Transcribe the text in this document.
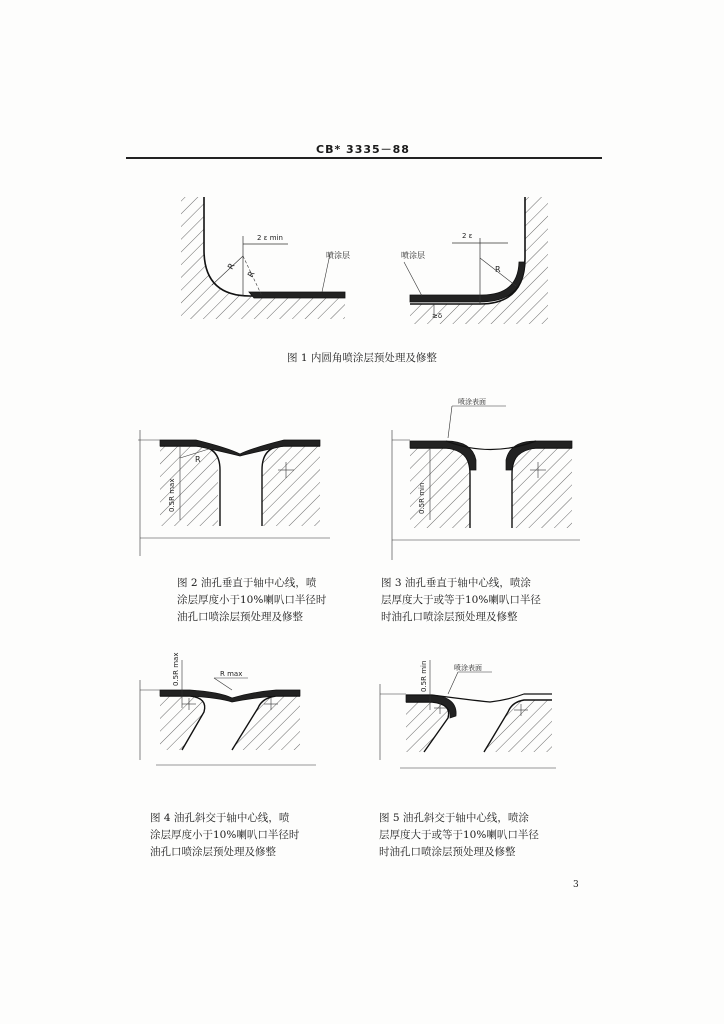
CB* 3335－88
R
R
2 ε min
喷涂层
R
2 ε
喷涂层
≥δ
图 1 内圆角喷涂层预处理及修整
R
0.5R max
图 2 油孔垂直于轴中心线，喷
涂层厚度小于10%喇叭口半径时
油孔口喷涂层预处理及修整
喷涂表面
0.5R min
图 3 油孔垂直于轴中心线，喷涂
层厚度大于或等于10%喇叭口半径
时油孔口喷涂层预处理及修整
R max
0.5R max
图 4 油孔斜交于轴中心线，喷
涂层厚度小于10%喇叭口半径时
油孔口喷涂层预处理及修整
喷涂表面
0.5R min
图 5 油孔斜交于轴中心线，喷涂
层厚度大于或等于10%喇叭口半径
时油孔口喷涂层预处理及修整
3
